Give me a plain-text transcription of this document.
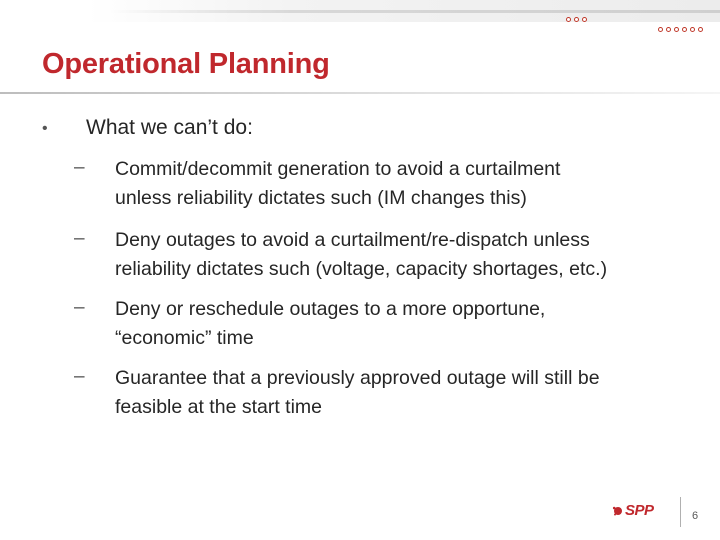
Operational Planning
• What we can’t do:
– Commit/decommit generation to avoid a curtailment
unless reliability dictates such (IM changes this)
– Deny outages to avoid a curtailment/re-dispatch unless
reliability dictates such (voltage, capacity shortages, etc.)
– Deny or reschedule outages to a more opportune,
“economic” time
– Guarantee that a previously approved outage will still be
feasible at the start time
SPP	6
